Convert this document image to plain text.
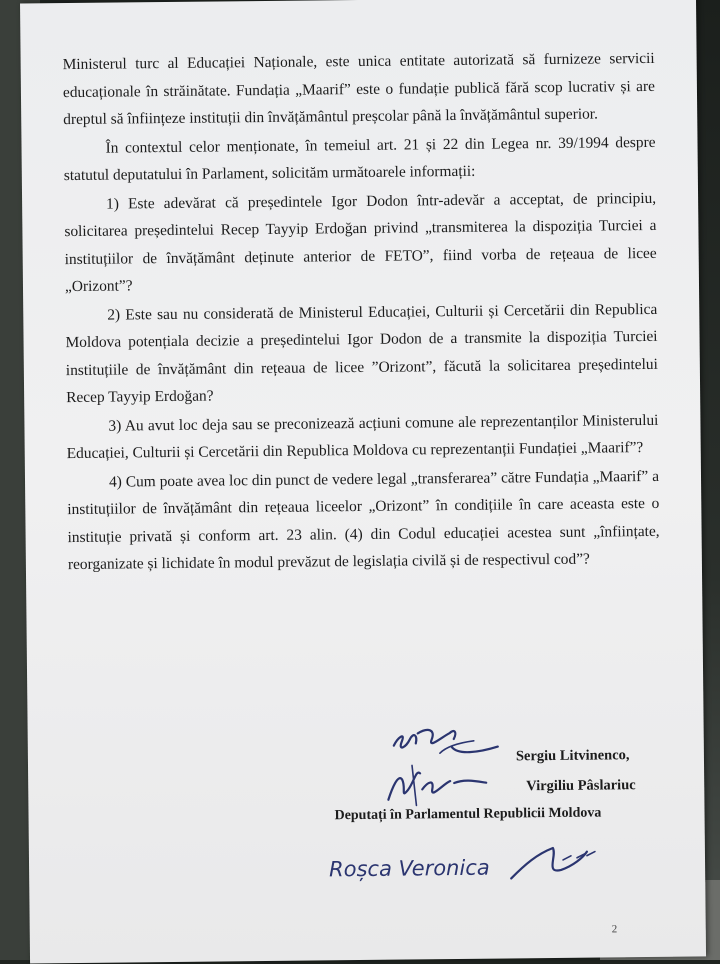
Ministerul turc al Educației Naționale, este unica entitate autorizată să furnizeze servicii educaționale în străinătate. Fundația „Maarif” este o fundație publică fără scop lucrativ și are dreptul să înființeze instituții din învățământul preșcolar până la învățământul superior.

În contextul celor menționate, în temeiul art. 21 și 22 din Legea nr. 39/1994 despre statutul deputatului în Parlament, solicităm următoarele informații:

1) Este adevărat că președintele Igor Dodon într-adevăr a acceptat, de principiu, solicitarea președintelui Recep Tayyip Erdoğan privind „transmiterea la dispoziția Turciei a instituțiilor de învățământ deținute anterior de FETO”, fiind vorba de rețeaua de licee „Orizont”?

2) Este sau nu considerată de Ministerul Educației, Culturii și Cercetării din Republica Moldova potențiala decizie a președintelui Igor Dodon de a transmite la dispoziția Turciei instituțiile de învățământ din rețeaua de licee ”Orizont”, făcută la solicitarea președintelui Recep Tayyip Erdoğan?

3) Au avut loc deja sau se preconizează acțiuni comune ale reprezentanților Ministerului Educației, Culturii și Cercetării din Republica Moldova cu reprezentanții Fundației „Maarif”?

4) Cum poate avea loc din punct de vedere legal „transferarea” către Fundația „Maarif” a instituțiilor de învățământ din rețeaua liceelor „Orizont” în condițiile în care aceasta este o instituție privată și conform art. 23 alin. (4) din Codul educației acestea sunt „înființate, reorganizate și lichidate în modul prevăzut de legislația civilă și de respectivul cod”?

Sergiu Litvinenco,
Virgiliu Pâslariuc
Deputați în Parlamentul Republicii Moldova
Roșca Veronica
2
